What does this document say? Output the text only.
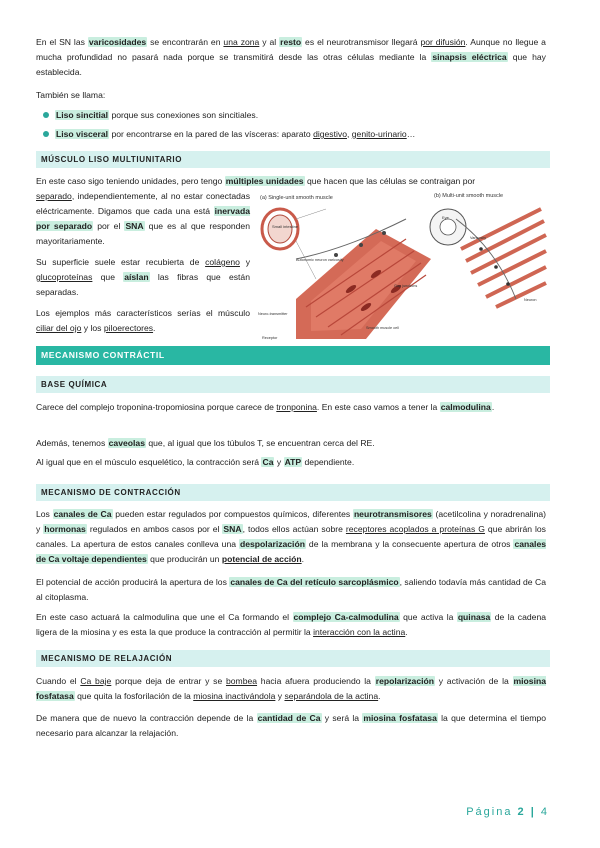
En el SN las varicosidades se encontrarán en una zona y al resto es el neurotransmisor llegará por difusión. Aunque no llegue a mucha profundidad no pasará nada porque se transmitirá desde las otras células mediante la sinapsis eléctrica que hay establecida.

También se llama:

Liso sincitial porque sus conexiones son sincitiales.
Liso visceral por encontrarse en la pared de las vísceras: aparato digestivo, genito-urinario…
MÚSCULO LISO MULTIUNITARIO

En este caso sigo teniendo unidades, pero tengo múltiples unidades que hacen que las células se contraigan por

separado, independientemente, al no estar conectadas eléctricamente. Digamos que cada una está inervada por separado por el SNA que es al que responden mayoritariamente.

Su superficie suele estar recubierta de colágeno y glucoproteínas que aíslan las fibras que están separadas.

Los ejemplos más característicos serías el músculo ciliar del ojo y los piloerectores.

(a) Single-unit smooth muscle	(b) Multi-unit smooth muscle
Small intestine
Autonomic neuron varicosity
Gap junctions
Neuro-transmitter
Receptor
Smooth muscle cell
Eye
Varicosity
Neuron
MECANISMO CONTRÁCTIL
BASE QUÍMICA

Carece del complejo troponina-tropomiosina porque carece de tronponina. En este caso vamos a tener la calmodulina.

Además, tenemos caveolas que, al igual que los túbulos T, se encuentran cerca del RE.

Al igual que en el músculo esquelético, la contracción será Ca y ATP dependiente.

MECANISMO DE CONTRACCIÓN

Los canales de Ca pueden estar regulados por compuestos químicos, diferentes neurotransmisores (acetilcolina y noradrenalina) y hormonas regulados en ambos casos por el SNA, todos ellos actúan sobre receptores acoplados a proteínas G que abrirán los canales. La apertura de estos canales conlleva una despolarización de la membrana y la consecuente apertura de otros canales de Ca voltaje dependientes que producirán un potencial de acción.

El potencial de acción producirá la apertura de los canales de Ca del retículo sarcoplásmico, saliendo todavía más cantidad de Ca al citoplasma.

En este caso actuará la calmodulina que une el Ca formando el complejo Ca-calmodulina que activa la quinasa de la cadena ligera de la miosina y es esta la que produce la contracción al permitir la interacción con la actina.

MECANISMO DE RELAJACIÓN

Cuando el Ca baje porque deja de entrar y se bombea hacia afuera produciendo la repolarización y activación de la miosina fosfatasa que quita la fosforilación de la miosina inactivándola y separándola de la actina.

De manera que de nuevo la contracción depende de la cantidad de Ca y será la miosina fosfatasa la que determina el tiempo necesario para alcanzar la relajación.

Página 2 | 4
